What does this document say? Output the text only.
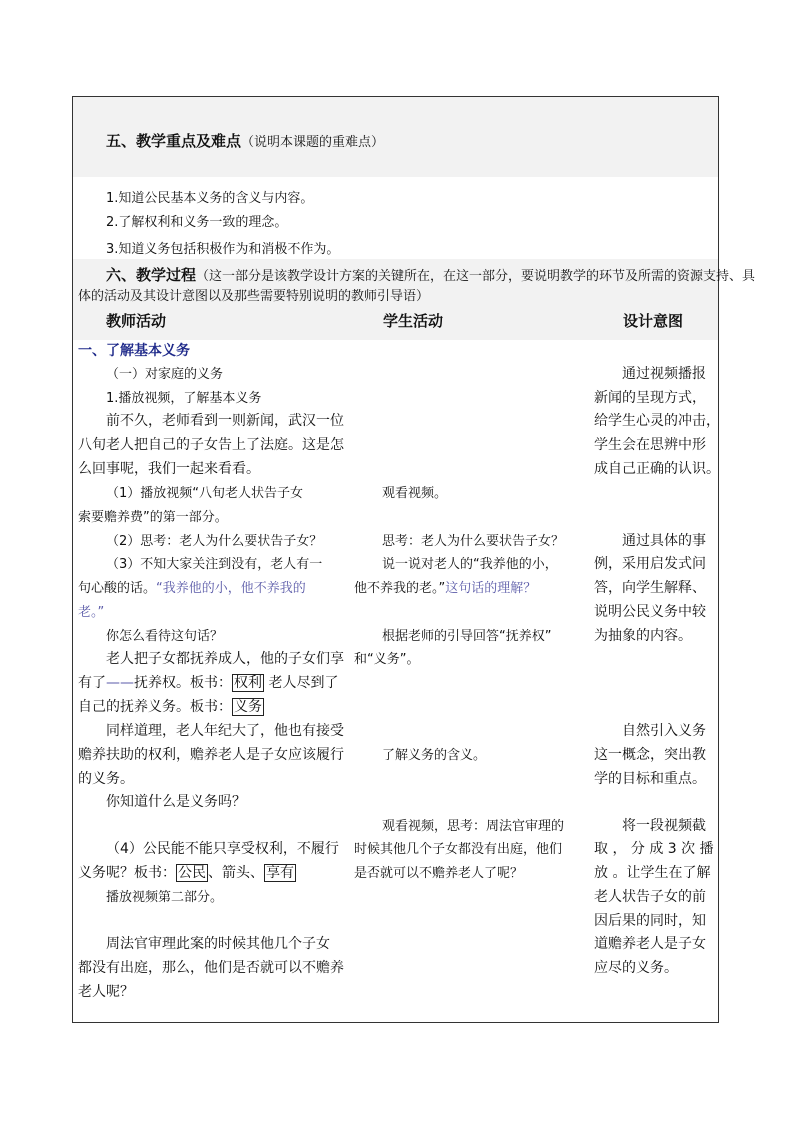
五、教学重点及难点（说明本课题的重难点）
1.知道公民基本义务的含义与内容。
2.了解权利和义务一致的理念。
3.知道义务包括积极作为和消极不作为。
六、教学过程（这一部分是该教学设计方案的关键所在，在这一部分，要说明教学的环节及所需的资源支持、具
体的活动及其设计意图以及那些需要特别说明的教师引导语）
教师活动	学生活动	设计意图
一、了解基本义务
（一）对家庭的义务
1.播放视频，了解基本义务
前不久，老师看到一则新闻，武汉一位
八旬老人把自己的子女告上了法庭。这是怎
么回事呢，我们一起来看看。
（1）播放视频“八旬老人状告子女
索要赡养费”的第一部分。
（2）思考：老人为什么要状告子女？
（3）不知大家关注到没有，老人有一
句心酸的话。“我养他的小，他不养我的
老。”
你怎么看待这句话？
老人把子女都抚养成人，他的子女们享
有了——抚养权。板书： 权利 老人尽到了
自己的抚养义务。板书： 义务
同样道理，老人年纪大了，他也有接受
赡养扶助的权利，赡养老人是子女应该履行
的义务。
你知道什么是义务吗？
（4）公民能不能只享受权利，不履行
义务呢？板书： 公民 、箭头、 享有
播放视频第二部分。
周法官审理此案的时候其他几个子女
都没有出庭，那么，他们是否就可以不赡养
老人呢？
观看视频。
思考：老人为什么要状告子女？
说一说对老人的“我养他的小，
他不养我的老。”这句话的理解？
根据老师的引导回答“抚养权”
和“义务”。
了解义务的含义。
观看视频，思考：周法官审理的
时候其他几个子女都没有出庭，他们
是否就可以不赡养老人了呢？
通过视频播报
新闻的呈现方式，
给学生心灵的冲击，
学生会在思辨中形
成自己正确的认识。
通过具体的事
例，采用启发式问
答，向学生解释、
说明公民义务中较
为抽象的内容。
自然引入义务
这一概念，突出教
学的目标和重点。
将一段视频截
取 ， 分 成 3 次 播
放 。让学生在了解
老人状告子女的前
因后果的同时，知
道赡养老人是子女
应尽的义务。
